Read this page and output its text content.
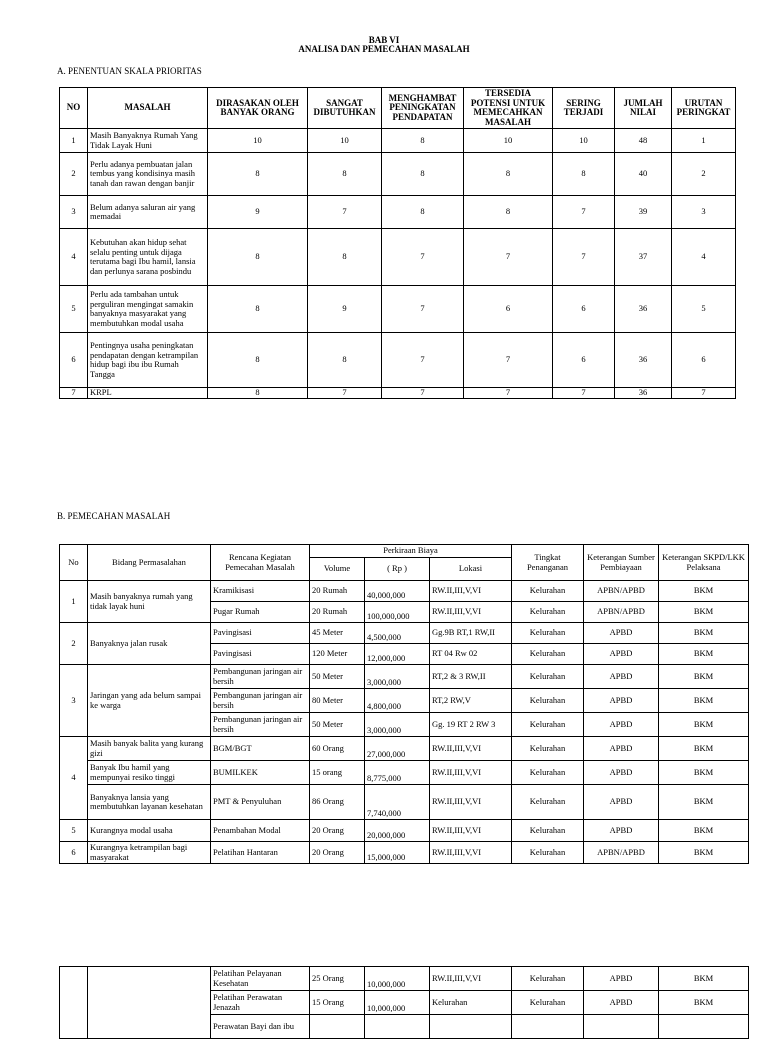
BAB VI
ANALISA DAN PEMECAHAN MASALAH
A. PENENTUAN SKALA PRIORITAS
NO	MASALAH	DIRASAKAN OLEH BANYAK ORANG	SANGAT DIBUTUHKAN	MENGHAMBAT PENINGKATAN PENDAPATAN	TERSEDIA POTENSI UNTUK MEMECAHKAN MASALAH	SERING TERJADI	JUMLAH NILAI	URUTAN PERINGKAT
1	Masih Banyaknya Rumah Yang Tidak Layak Huni	10	10	8	10	10	48	1
2	Perlu adanya pembuatan jalan tembus yang kondisinya masih tanah dan rawan dengan banjir	8	8	8	8	8	40	2
3	Belum adanya saluran air yang memadai	9	7	8	8	7	39	3
4	Kebutuhan akan hidup sehat selalu penting untuk dijaga terutama bagi Ibu hamil, lansia dan perlunya sarana posbindu	8	8	7	7	7	37	4
5	Perlu ada tambahan untuk perguliran mengingat samakin banyaknya masyarakat yang membutuhkan modal usaha	8	9	7	6	6	36	5
6	Pentingnya usaha peningkatan pendapatan dengan ketrampilan hidup bagi ibu ibu Rumah Tangga	8	8	7	7	6	36	6
7	KRPL	8	7	7	7	7	36	7
B. PEMECAHAN MASALAH
No	Bidang Permasalahan	Rencana Kegiatan Pemecahan Masalah	Perkiraan Biaya			Tingkat Penanganan	Keterangan Sumber Pembiayaan	Keterangan SKPD/LKK Pelaksana
			Volume	( Rp )	Lokasi			
1	Masih banyaknya rumah yang tidak layak huni	Kramikisasi	20 Rumah	40,000,000	RW.II,III,V,VI	Kelurahan	APBN/APBD	BKM
		Pugar Rumah	20 Rumah	100,000,000	RW.II,III,V,VI	Kelurahan	APBN/APBD	BKM
2	Banyaknya jalan rusak	Pavingisasi	45 Meter	4,500,000	Gg.9B RT,1 RW,II	Kelurahan	APBD	BKM
		Pavingisasi	120 Meter	12,000,000	RT 04 Rw 02	Kelurahan	APBD	BKM
3	Jaringan yang ada belum sampai ke warga	Pembangunan jaringan air bersih	50 Meter	3,000,000	RT,2 & 3 RW,II	Kelurahan	APBD	BKM
		Pembangunan jaringan air bersih	80 Meter	4,800,000	RT,2 RW,V	Kelurahan	APBD	BKM
		Pembangunan jaringan air bersih	50 Meter	3,000,000	Gg. 19 RT 2 RW 3	Kelurahan	APBD	BKM
4	Masih banyak balita yang kurang gizi	BGM/BGT	60 Orang	27,000,000	RW.II,III,V,VI	Kelurahan	APBD	BKM
	Banyak Ibu hamil yang mempunyai resiko tinggi	BUMILKEK	15 orang	8,775,000	RW.II,III,V,VI	Kelurahan	APBD	BKM
	Banyaknya lansia yang membutuhkan layanan kesehatan	PMT & Penyuluhan	86 Orang	7,740,000	RW.II,III,V,VI	Kelurahan	APBD	BKM
5	Kurangnya modal usaha	Penambahan Modal	20 Orang	20,000,000	RW.II,III,V,VI	Kelurahan	APBD	BKM
6	Kurangnya ketrampilan bagi masyarakat	Pelatihan Hantaran	20 Orang	15,000,000	RW.II,III,V,VI	Kelurahan	APBN/APBD	BKM
		Pelatihan Pelayanan Kesehatan	25 Orang	10,000,000	RW.II,III,V,VI	Kelurahan	APBD	BKM
		Pelatihan Perawatan Jenazah	15 Orang	10,000,000	Kelurahan	Kelurahan	APBD	BKM
		Perawatan Bayi dan ibu						
